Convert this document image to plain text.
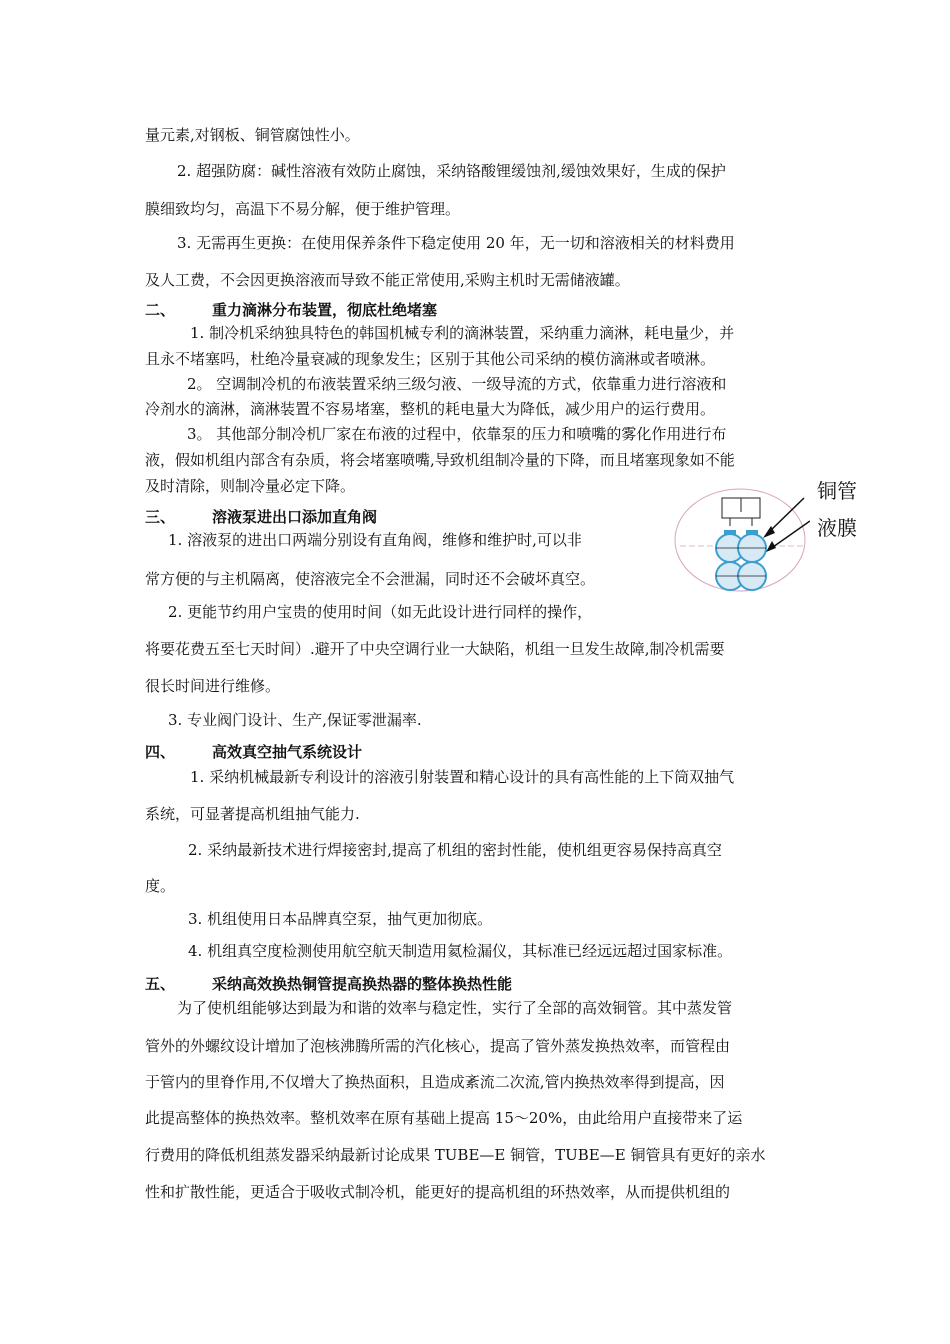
量元素,对钢板、铜管腐蚀性小。
2. 超强防腐：碱性溶液有效防止腐蚀，采纳铬酸锂缓蚀剂,缓蚀效果好，生成的保护
膜细致均匀，高温下不易分解，便于维护管理。
3. 无需再生更换：在使用保养条件下稳定使用 20 年，无一切和溶液相关的材料费用
及人工费，不会因更换溶液而导致不能正常使用,采购主机时无需储液罐。
二、 重力滴淋分布装置，彻底杜绝堵塞
1. 制冷机采纳独具特色的韩国机械专利的滴淋装置，采纳重力滴淋，耗电量少，并
且永不堵塞吗，杜绝冷量衰减的现象发生；区别于其他公司采纳的模仿滴淋或者喷淋。
2。 空调制冷机的布液装置采纳三级匀液、一级导流的方式，依靠重力进行溶液和
冷剂水的滴淋，滴淋装置不容易堵塞，整机的耗电量大为降低，减少用户的运行费用。
3。 其他部分制冷机厂家在布液的过程中，依靠泵的压力和喷嘴的雾化作用进行布
液，假如机组内部含有杂质，将会堵塞喷嘴,导致机组制冷量的下降，而且堵塞现象如不能
及时清除，则制冷量必定下降。
三、 溶液泵进出口添加直角阀
1. 溶液泵的进出口两端分别设有直角阀，维修和维护时,可以非
常方便的与主机隔离，使溶液完全不会泄漏，同时还不会破坏真空。
2. 更能节约用户宝贵的使用时间（如无此设计进行同样的操作，
将要花费五至七天时间）.避开了中央空调行业一大缺陷，机组一旦发生故障,制冷机需要
很长时间进行维修。
3. 专业阀门设计、生产,保证零泄漏率.
四、 高效真空抽气系统设计
1. 采纳机械最新专利设计的溶液引射装置和精心设计的具有高性能的上下筒双抽气
系统，可显著提高机组抽气能力.
2. 采纳最新技术进行焊接密封,提高了机组的密封性能，使机组更容易保持高真空
度。
3. 机组使用日本品牌真空泵，抽气更加彻底。
4. 机组真空度检测使用航空航天制造用氦检漏仪，其标准已经远远超过国家标准。
五、 采纳高效换热铜管提高换热器的整体换热性能
为了使机组能够达到最为和谐的效率与稳定性，实行了全部的高效铜管。其中蒸发管
管外的外螺纹设计增加了泡核沸腾所需的汽化核心，提高了管外蒸发换热效率，而管程由
于管内的里脊作用,不仅增大了换热面积，且造成紊流二次流,管内换热效率得到提高，因
此提高整体的换热效率。整机效率在原有基础上提高 15～20%，由此给用户直接带来了运
行费用的降低机组蒸发器采纳最新讨论成果 TUBE—E 铜管，TUBE—E 铜管具有更好的亲水
性和扩散性能，更适合于吸收式制冷机，能更好的提高机组的环热效率，从而提供机组的
铜管
液膜
